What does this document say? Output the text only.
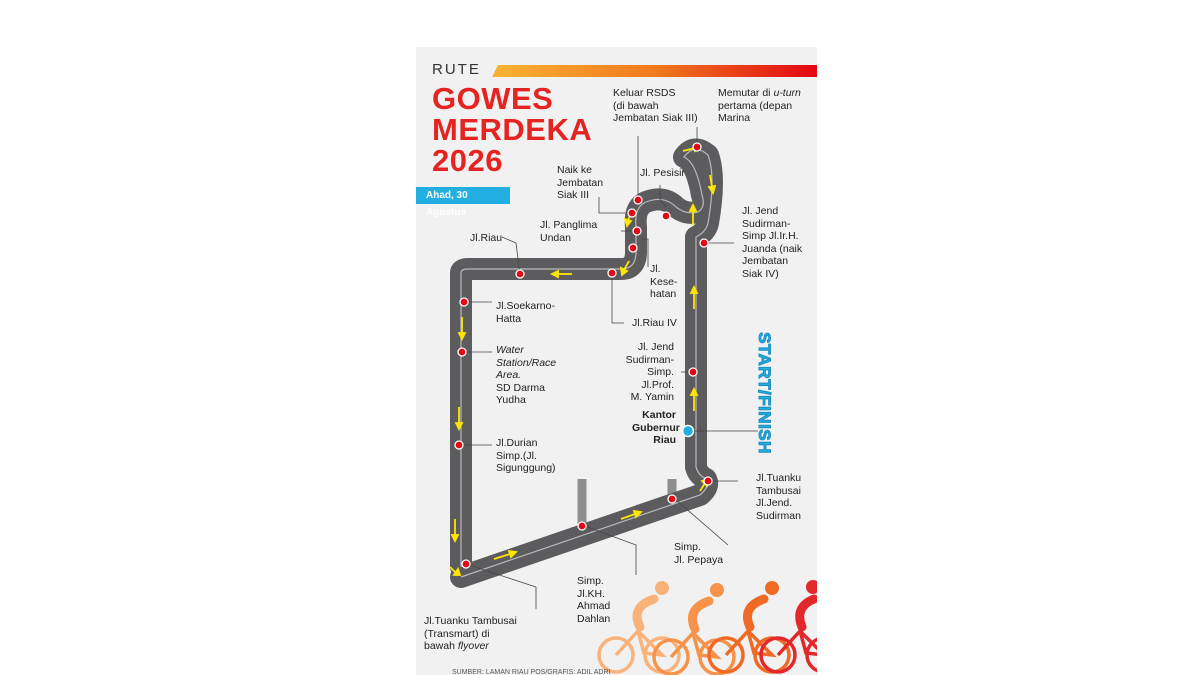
RUTE
GOWES
MERDEKA
2026
Ahad, 30 Agustus
START/FINISH
Keluar RSDS
(di bawah
Jembatan Siak III)
Memutar di u-turn
pertama (depan
Marina
Naik ke
Jembatan
Siak III
Jl. Pesisir
Jl. Panglima
Undan
Jl.Riau
Jl.
Kese-
hatan
Jl.Riau IV
Jl. Jend
Sudirman-
Simp Jl.Ir.H.
Juanda (naik
Jembatan
Siak IV)
Jl.Soekarno-
Hatta
Water
Station/Race
Area.
SD Darma
Yudha
Jl. Jend
Sudirman-
Simp. Jl.Prof.
M. Yamin
Kantor
Gubernur
Riau
Jl.Durian
Simp.(Jl.
Sigunggung)
Jl.Tuanku
Tambusai
Jl.Jend.
Sudirman
Simp.
Jl. Pepaya
Simp.
Jl.KH.
Ahmad
Dahlan
Jl.Tuanku Tambusai
(Transmart) di
bawah flyover
SUMBER: LAMAN RIAU POS/GRAFIS: ADIL ADRI
